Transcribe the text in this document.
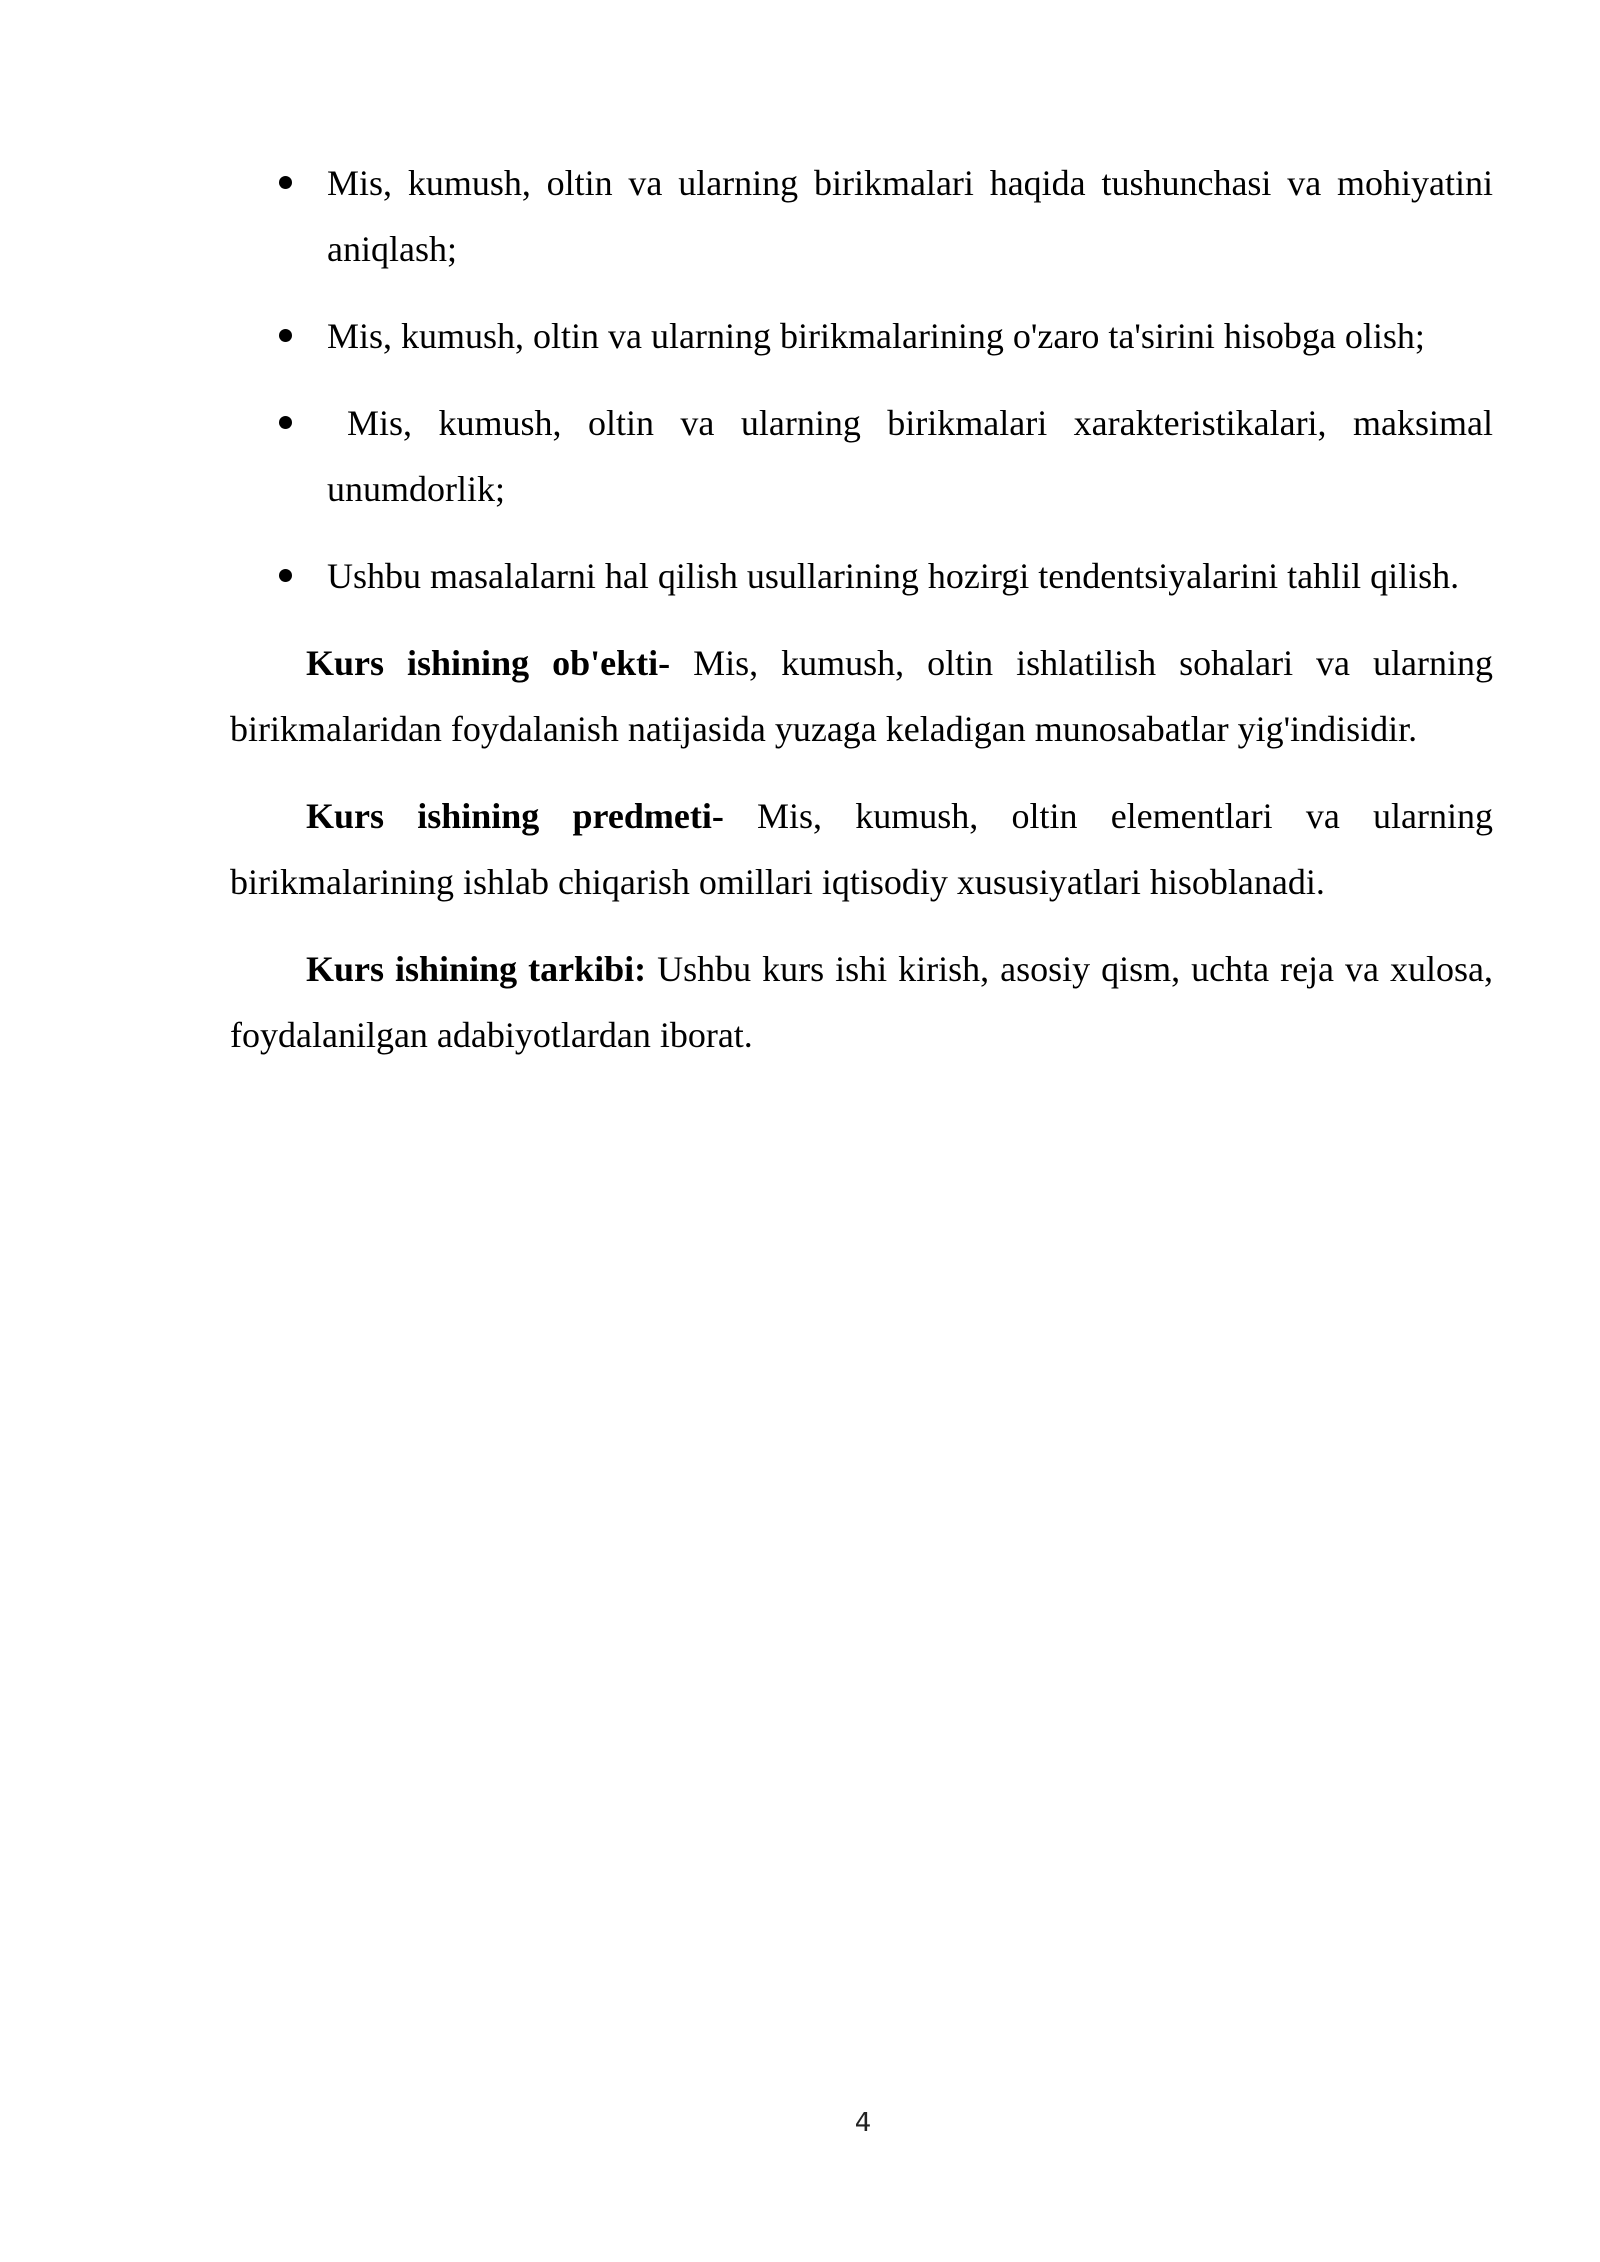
Mis, kumush, oltin va ularning birikmalari haqida tushunchasi va mohiyatini aniqlash;
Mis, kumush, oltin va ularning birikmalarining o'zaro ta'sirini hisobga olish;
Mis, kumush, oltin va ularning birikmalari xarakteristikalari, maksimal unumdorlik;
Ushbu masalalarni hal qilish usullarining hozirgi tendentsiyalarini tahlil qilish.

Kurs ishining ob'ekti- Mis, kumush, oltin ishlatilish sohalari va ularning birikmalaridan foydalanish natijasida yuzaga keladigan munosabatlar yig'indisidir.

Kurs ishining predmeti- Mis, kumush, oltin elementlari va ularning birikmalarining ishlab chiqarish omillari iqtisodiy xususiyatlari hisoblanadi.

Kurs ishining tarkibi: Ushbu kurs ishi kirish, asosiy qism, uchta reja va xulosa, foydalanilgan adabiyotlardan iborat.

4
